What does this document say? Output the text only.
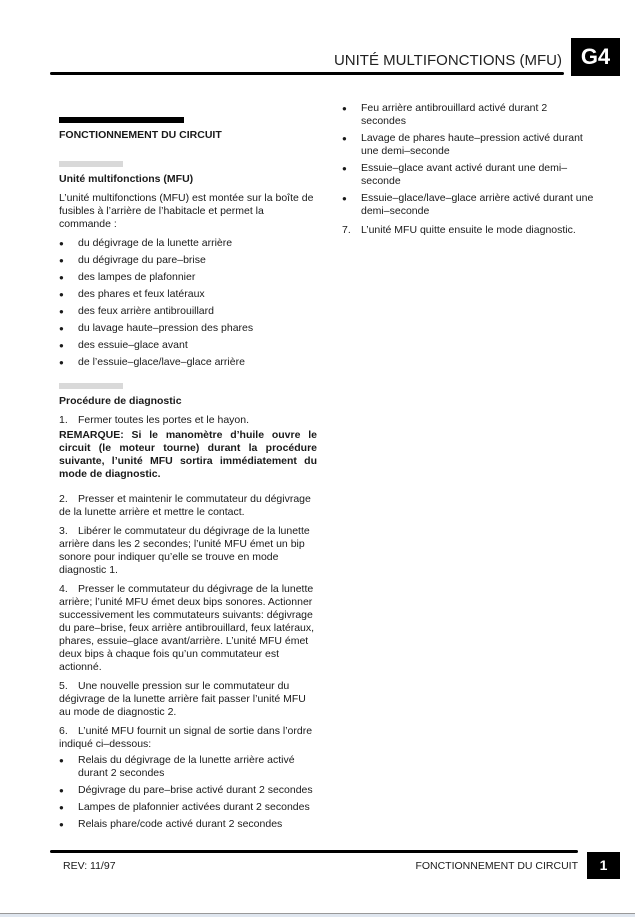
UNITÉ MULTIFONCTIONS (MFU) G4
FONCTIONNEMENT DU CIRCUIT
Unité multifonctions (MFU)

L’unité multifonctions (MFU) est montée sur la boîte de fusibles à l’arrière de l’habitacle et permet la commande :

● du dégivrage de la lunette arrière
● du dégivrage du pare–brise
● des lampes de plafonnier
● des phares et feux latéraux
● des feux arrière antibrouillard
● du lavage haute–pression des phares
● des essuie–glace avant
● de l’essuie–glace/lave–glace arrière
Procédure de diagnostic
1. Fermer toutes les portes et le hayon.

REMARQUE: Si le manomètre d’huile ouvre le circuit (le moteur tourne) durant la procédure suivante, l’unité MFU sortira immédiatement du mode de diagnostic.

2. Presser et maintenir le commutateur du dégivrage de la lunette arrière et mettre le contact.
3. Libérer le commutateur du dégivrage de la lunette arrière dans les 2 secondes; l’unité MFU émet un bip sonore pour indiquer qu’elle se trouve en mode diagnostic 1.
4. Presser le commutateur du dégivrage de la lunette arrière; l’unité MFU émet deux bips sonores. Actionner successivement les commutateurs suivants: dégivrage du pare–brise, feux arrière antibrouillard, feux latéraux, phares, essuie–glace avant/arrière. L’unité MFU émet deux bips à chaque fois qu’un commutateur est actionné.
5. Une nouvelle pression sur le commutateur du dégivrage de la lunette arrière fait passer l’unité MFU au mode de diagnostic 2.
6. L’unité MFU fournit un signal de sortie dans l’ordre indiqué ci–dessous:
● Relais du dégivrage de la lunette arrière activé durant 2 secondes
● Dégivrage du pare–brise activé durant 2 secondes
● Lampes de plafonnier activées durant 2 secondes
● Relais phare/code activé durant 2 secondes
● Feu arrière antibrouillard activé durant 2 secondes
● Lavage de phares haute–pression activé durant une demi–seconde
● Essuie–glace avant activé durant une demi–seconde
● Essuie–glace/lave–glace arrière activé durant une demi–seconde
7. L’unité MFU quitte ensuite le mode diagnostic.
REV: 11/97	FONCTIONNEMENT DU CIRCUIT	1
